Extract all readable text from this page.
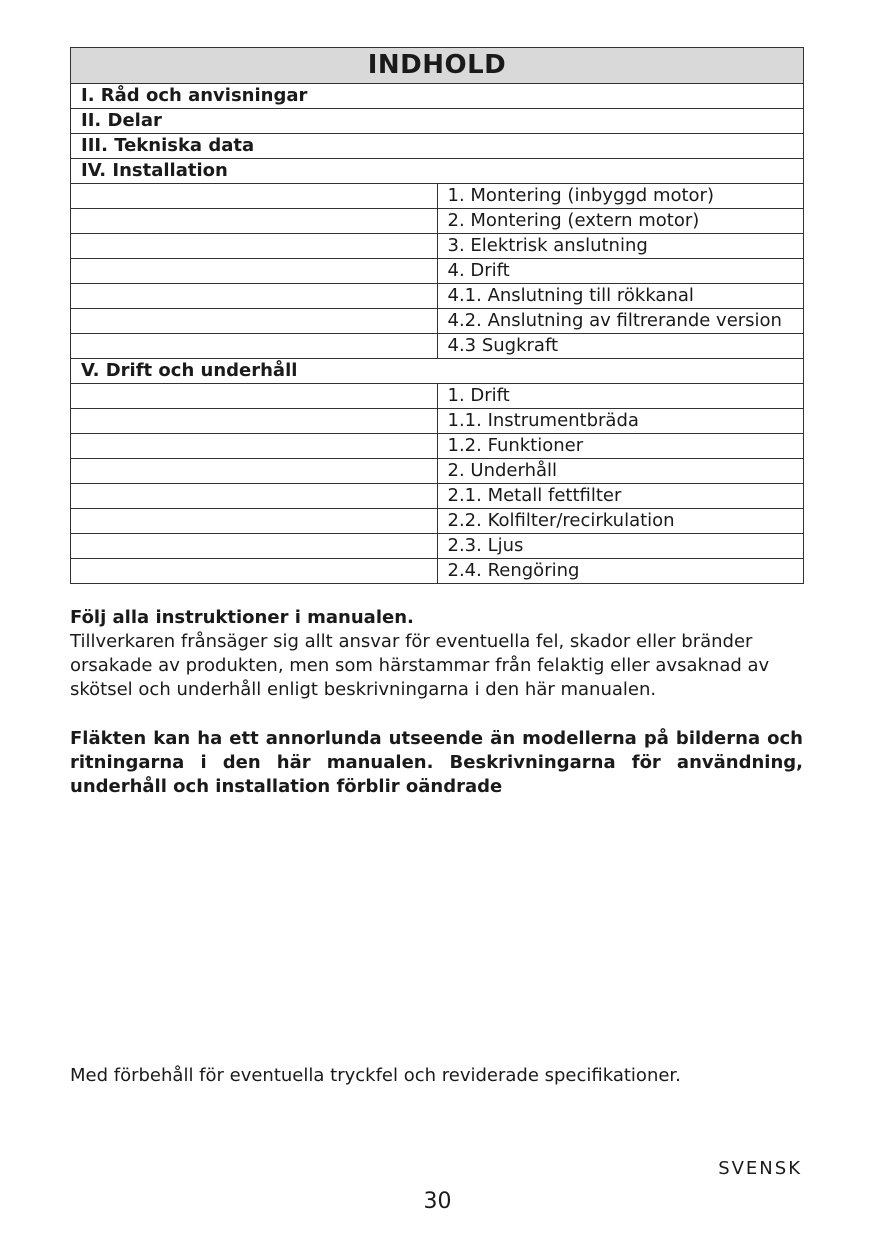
INDHOLD	
I. Råd och anvisningar	
II. Delar	
III. Tekniska data	
IV. Installation	
	1. Montering (inbyggd motor)
	2. Montering (extern motor)
	3. Elektrisk anslutning
	4. Drift
	4.1. Anslutning till rökkanal
	4.2. Anslutning av filtrerande version
	4.3 Sugkraft
V. Drift och underhåll	
	1. Drift
	1.1. Instrumentbräda
	1.2. Funktioner
	2. Underhåll
	2.1. Metall fettfilter
	2.2. Kolfilter/recirkulation
	2.3. Ljus
	2.4. Rengöring
Följ alla instruktioner i manualen.
Tillverkaren frånsäger sig allt ansvar för eventuella fel, skador eller bränder orsakade av produkten, men som härstammar från felaktig eller avsaknad av skötsel och underhåll enligt beskrivningarna i den här manualen.

Fläkten kan ha ett annorlunda utseende än modellerna på bilderna och ritningarna i den här manualen. Beskrivningarna för användning, underhåll och installation förblir oändrade

Med förbehåll för eventuella tryckfel och reviderade specifikationer.

SVENSK
30
